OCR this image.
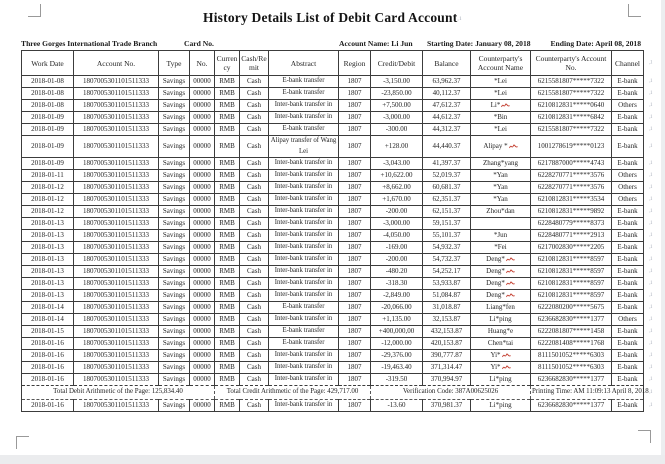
History Details List of Debit Card Account ,1
Three Gorges International Trade Branch	Card No.	Account Name: Li Jun Starting Date: January 08, 2018	Ending Date: April 08, 2018
Work Date	Account No.	Type	No.	Currency	Cash/Remit	Abstract	Region	Credit/Debit	Balance	Counterparty's Account Name	Counterparty's Account No.	Channel ,1
2018-01-08	1807005301101511333	Savings	00000	RMB	Cash	E-bank transfer	1807	-3,150.00	63,962.37	*Lei	6215581807*****7322	E-bank ,1
2018-01-08	1807005301101511333	Savings	00000	RMB	Cash	E-bank transfer	1807	-23,850.00	40,112.37	*Lei	6215581807*****7322	E-bank ,1
2018-01-08	1807005301101511333	Savings	00000	RMB	Cash	Inter-bank transfer in	1807	+7,500.00	47,612.37	Li*	6210812831*****0640	Others ,1
2018-01-09	1807005301101511333	Savings	00000	RMB	Cash	Inter-bank transfer in	1807	-3,000.00	44,612.37	*Bin	6210812831*****6842	E-bank ,1
2018-01-09	1807005301101511333	Savings	00000	RMB	Cash	E-bank transfer	1807	-300.00	44,312.37	*Lei	6215581807*****7322	E-bank ,1
2018-01-09	1807005301101511333	Savings	00000	RMB	Cash	Alipay transfer of Wang Lei	1807	+128.00	44,440.37	Alipay *	1001278619*****0123	E-bank ,1
2018-01-09	1807005301101511333	Savings	00000	RMB	Cash	Inter-bank transfer in	1807	-3,043.00	41,397.37	Zhang*yang	6217887000*****4743	E-bank ,1
2018-01-11	1807005301101511333	Savings	00000	RMB	Cash	Inter-bank transfer in	1807	+10,622.00	52,019.37	*Yan	6228270771*****3576	Others ,1
2018-01-12	1807005301101511333	Savings	00000	RMB	Cash	Inter-bank transfer in	1807	+8,662.00	60,681.37	*Yan	6228270771*****3576	Others ,1
2018-01-12	1807005301101511333	Savings	00000	RMB	Cash	Inter-bank transfer in	1807	+1,670.00	62,351.37	*Yan	6210812831*****3534	Others ,1
2018-01-12	1807005301101511333	Savings	00000	RMB	Cash	Inter-bank transfer in	1807	-200.00	62,151.37	Zhou*dan	6210812831*****9892	E-bank ,1
2018-01-13	1807005301101511333	Savings	00000	RMB	Cash	Inter-bank transfer in	1807	-3,000.00	59,151.37		6228480779*****8373	E-bank ,1
2018-01-13	1807005301101511333	Savings	00000	RMB	Cash	Inter-bank transfer in	1807	-4,050.00	55,101.37	*Jun	6228480771*****2913	E-bank ,1
2018-01-13	1807005301101511333	Savings	00000	RMB	Cash	Inter-bank transfer in	1807	-169.00	54,932.37	*Fei	6217002830*****2205	E-bank ,1
2018-01-13	1807005301101511333	Savings	00000	RMB	Cash	Inter-bank transfer in	1807	-200.00	54,732.37	Deng*	6210812831*****8597	E-bank ,1
2018-01-13	1807005301101511333	Savings	00000	RMB	Cash	Inter-bank transfer in	1807	-480.20	54,252.17	Deng*	6210812831*****8597	E-bank ,1
2018-01-13	1807005301101511333	Savings	00000	RMB	Cash	Inter-bank transfer in	1807	-318.30	53,933.87	Deng*	6210812831*****8597	E-bank ,1
2018-01-13	1807005301101511333	Savings	00000	RMB	Cash	Inter-bank transfer in	1807	-2,849.00	51,084.87	Deng*	6210812831*****8597	E-bank ,1
2018-01-14	1807005301101511333	Savings	00000	RMB	Cash	E-bank transfer	1807	-20,066.00	31,018.87	Liang*fen	6222080200*****5675	E-bank ,1
2018-01-14	1807005301101511333	Savings	00000	RMB	Cash	Inter-bank transfer in	1807	+1,135.00	32,153.87	Li*ping	6236682830*****1377	Others ,1
2018-01-15	1807005301101511333	Savings	00000	RMB	Cash	E-bank transfer	1807	+400,000,00	432,153.87	Huang*e	6222081807*****1458	E-bank ,1
2018-01-16	1807005301101511333	Savings	00000	RMB	Cash	E-bank transfer	1807	-12,000.00	420,153.87	Chen*tai	6222081408*****1768	E-bank ,1
2018-01-16	1807005301101511333	Savings	00000	RMB	Cash	Inter-bank transfer in	1807	-29,376.00	390,777.87	Yi*	8111501052*****6303	E-bank ,1
2018-01-16	1807005301101511333	Savings	00000	RMB	Cash	Inter-bank transfer in	1807	-19,463.40	371,314.47	Yi*	8111501052*****6303	E-bank ,1
2018-01-16	1807005301101511333	Savings	00000	RMB	Cash	Inter-bank transfer in	1807	-319.50	370,994.97	Li*ping	6236682830*****1377	E-bank ,1
Total Debit Arithmetic of the Page: 125,834.40				Total Credit Arithmetic of the Page: 429,717.00				Verification Code: 387A00625026			Printing Time: AM 11:09:13 April 8, 2018 ,1
2018-01-16	1807005301101511333	Savings	00000	RMB	Cash	Inter-bank transfer in	1807	-13.60	370,981.37	Li*ping	6236682830*****1377	E-bank ,1
